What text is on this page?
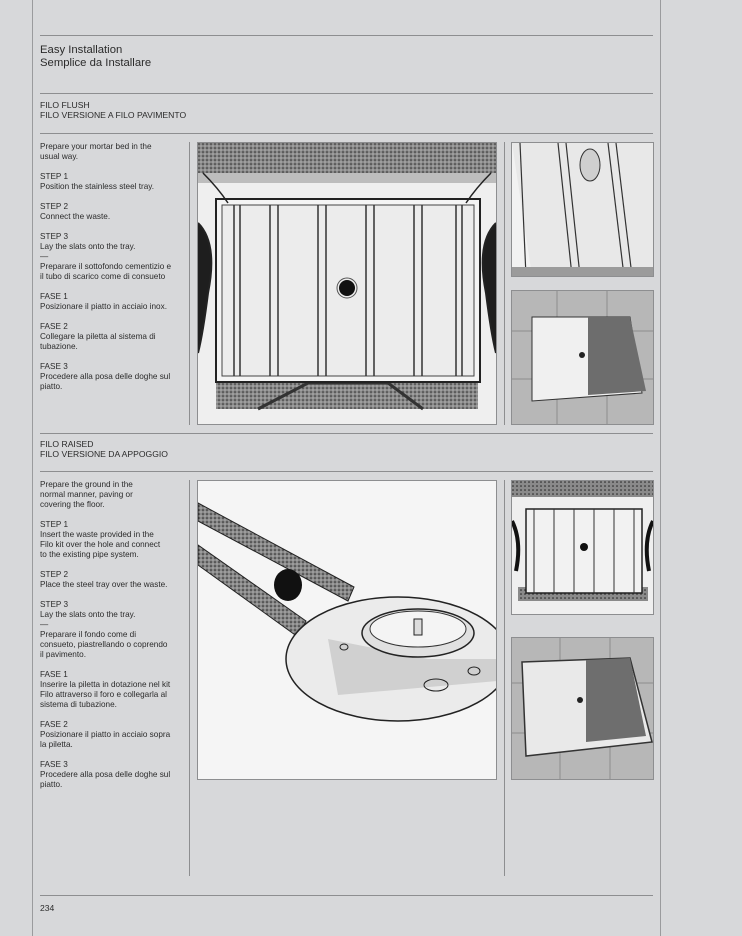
Easy Installation
Semplice da Installare
FILO FLUSH
FILO VERSIONE A FILO PAVIMENTO
Prepare your mortar bed in the
usual way.

STEP 1
Position the stainless steel tray.

STEP 2
Connect the waste.

STEP 3
Lay the slats onto the tray.
—
Preparare il sottofondo cementizio e
il tubo di scarico come di consueto

FASE 1
Posizionare il piatto in acciaio inox.

FASE 2
Collegare la piletta al sistema di
tubazione.

FASE 3
Procedere alla posa delle doghe sul
piatto.
FILO RAISED
FILO VERSIONE DA APPOGGIO
Prepare the ground in the
normal manner, paving or
covering the floor.

STEP 1
Insert the waste provided in the
Filo kit over the hole and connect
to the existing pipe system.

STEP 2
Place the steel tray over the waste.

STEP 3
Lay the slats onto the tray.
—
Preparare il fondo come di
consueto, piastrellando o coprendo
il pavimento.

FASE 1
Inserire la piletta in dotazione nel kit
Filo attraverso il foro e collegarla al
sistema di tubazione.

FASE 2
Posizionare il piatto in acciaio sopra
la piletta.

FASE 3
Procedere alla posa delle doghe sul
piatto.
234
